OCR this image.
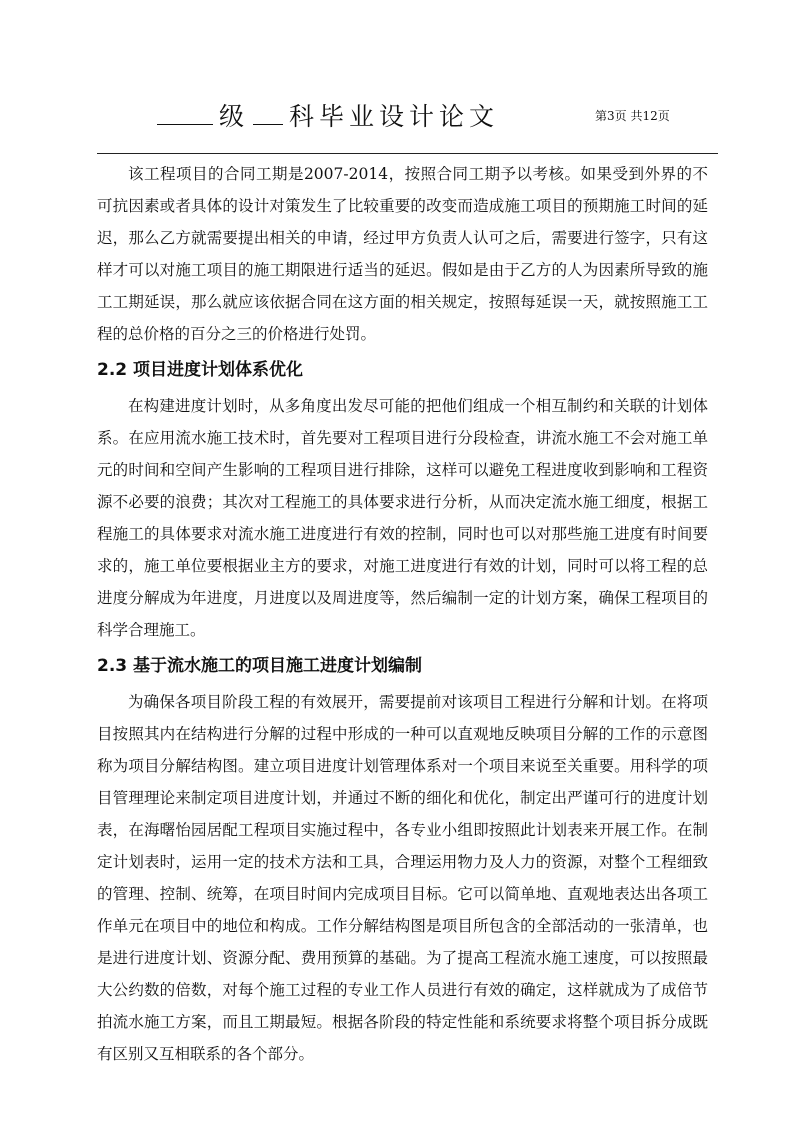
级 科毕业设计论文	第3页 共12页

该工程项目的合同工期是2007-2014，按照合同工期予以考核。如果受到外界的不可抗因素或者具体的设计对策发生了比较重要的改变而造成施工项目的预期施工时间的延迟，那么乙方就需要提出相关的申请，经过甲方负责人认可之后，需要进行签字，只有这样才可以对施工项目的施工期限进行适当的延迟。假如是由于乙方的人为因素所导致的施工工期延误，那么就应该依据合同在这方面的相关规定，按照每延误一天，就按照施工工程的总价格的百分之三的价格进行处罚。

2.2 项目进度计划体系优化

在构建进度计划时，从多角度出发尽可能的把他们组成一个相互制约和关联的计划体系。在应用流水施工技术时，首先要对工程项目进行分段检查，讲流水施工不会对施工单元的时间和空间产生影响的工程项目进行排除，这样可以避免工程进度收到影响和工程资源不必要的浪费；其次对工程施工的具体要求进行分析，从而决定流水施工细度，根据工程施工的具体要求对流水施工进度进行有效的控制，同时也可以对那些施工进度有时间要求的，施工单位要根据业主方的要求，对施工进度进行有效的计划，同时可以将工程的总进度分解成为年进度，月进度以及周进度等，然后编制一定的计划方案，确保工程项目的科学合理施工。

2.3 基于流水施工的项目施工进度计划编制

为确保各项目阶段工程的有效展开，需要提前对该项目工程进行分解和计划。在将项目按照其内在结构进行分解的过程中形成的一种可以直观地反映项目分解的工作的示意图称为项目分解结构图。建立项目进度计划管理体系对一个项目来说至关重要。用科学的项目管理理论来制定项目进度计划，并通过不断的细化和优化，制定出严谨可行的进度计划表，在海曙怡园居配工程项目实施过程中，各专业小组即按照此计划表来开展工作。在制定计划表时，运用一定的技术方法和工具，合理运用物力及人力的资源，对整个工程细致的管理、控制、统筹，在项目时间内完成项目目标。它可以简单地、直观地表达出各项工作单元在项目中的地位和构成。工作分解结构图是项目所包含的全部活动的一张清单，也是进行进度计划、资源分配、费用预算的基础。为了提高工程流水施工速度，可以按照最大公约数的倍数，对每个施工过程的专业工作人员进行有效的确定，这样就成为了成倍节拍流水施工方案，而且工期最短。根据各阶段的特定性能和系统要求将整个项目拆分成既有区别又互相联系的各个部分。
